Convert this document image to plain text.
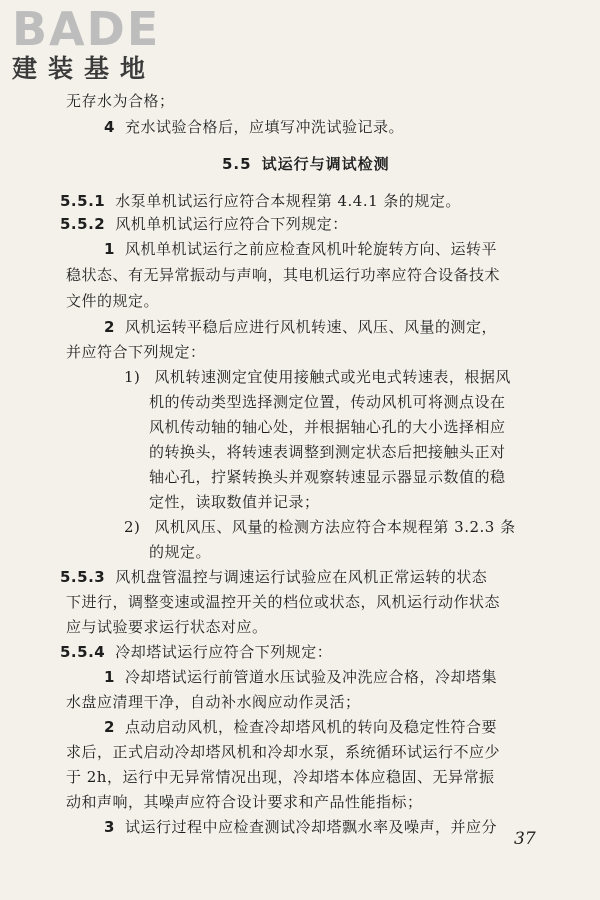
BADE
建装基地
无存水为合格；
4 充水试验合格后，应填写冲洗试验记录。
5.5 试运行与调试检测
5.5.1 水泵单机试运行应符合本规程第 4.4.1 条的规定。
5.5.2 风机单机试运行应符合下列规定：
1 风机单机试运行之前应检查风机叶轮旋转方向、运转平
稳状态、有无异常振动与声响，其电机运行功率应符合设备技术
文件的规定。
2 风机运转平稳后应进行风机转速、风压、风量的测定，
并应符合下列规定：
1) 风机转速测定宜使用接触式或光电式转速表，根据风
机的传动类型选择测定位置，传动风机可将测点设在
风机传动轴的轴心处，并根据轴心孔的大小选择相应
的转换头，将转速表调整到测定状态后把接触头正对
轴心孔，拧紧转换头并观察转速显示器显示数值的稳
定性，读取数值并记录；
2) 风机风压、风量的检测方法应符合本规程第 3.2.3 条
的规定。
5.5.3 风机盘管温控与调速运行试验应在风机正常运转的状态
下进行，调整变速或温控开关的档位或状态，风机运行动作状态
应与试验要求运行状态对应。
5.5.4 冷却塔试运行应符合下列规定：
1 冷却塔试运行前管道水压试验及冲洗应合格，冷却塔集
水盘应清理干净，自动补水阀应动作灵活；
2 点动启动风机，检查冷却塔风机的转向及稳定性符合要
求后，正式启动冷却塔风机和冷却水泵，系统循环试运行不应少
于 2h，运行中无异常情况出现，冷却塔本体应稳固、无异常振
动和声响，其噪声应符合设计要求和产品性能指标；
3 试运行过程中应检查测试冷却塔飘水率及噪声，并应分
37
